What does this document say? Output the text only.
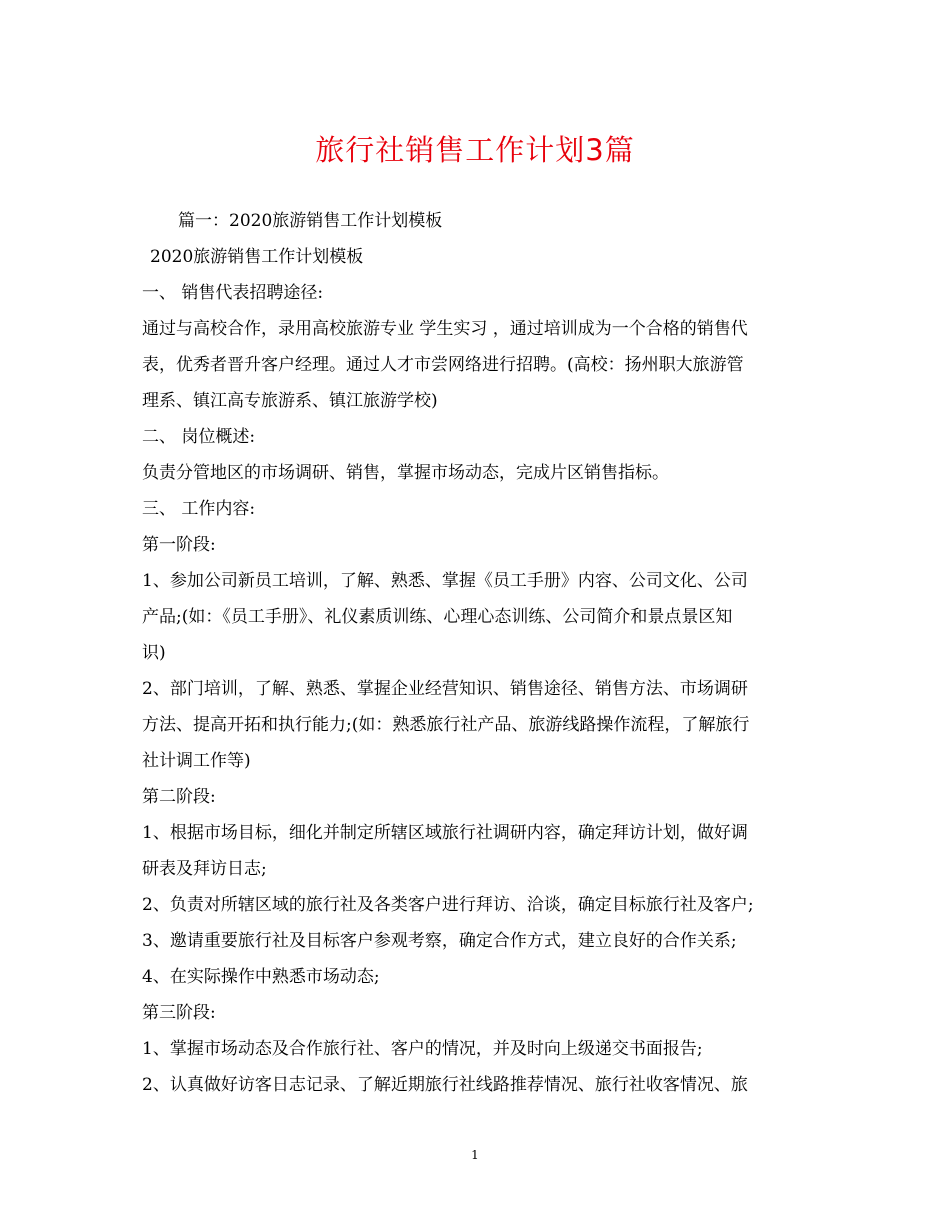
旅行社销售工作计划3篇
篇一：2020旅游销售工作计划模板
2020旅游销售工作计划模板
一、 销售代表招聘途径:
通过与高校合作，录用高校旅游专业 学生实习 ，通过培训成为一个合格的销售代
表，优秀者晋升客户经理。通过人才市尝网络进行招聘。(高校：扬州职大旅游管
理系、镇江高专旅游系、镇江旅游学校)
二、 岗位概述:
负责分管地区的市场调研、销售，掌握市场动态，完成片区销售指标。
三、 工作内容:
第一阶段:
1、参加公司新员工培训，了解、熟悉、掌握《员工手册》内容、公司文化、公司
产品;(如：《员工手册》、礼仪素质训练、心理心态训练、公司简介和景点景区知
识)
2、部门培训，了解、熟悉、掌握企业经营知识、销售途径、销售方法、市场调研
方法、提高开拓和执行能力;(如：熟悉旅行社产品、旅游线路操作流程，了解旅行
社计调工作等)
第二阶段:
1、根据市场目标，细化并制定所辖区域旅行社调研内容，确定拜访计划，做好调
研表及拜访日志;
2、负责对所辖区域的旅行社及各类客户进行拜访、洽谈，确定目标旅行社及客户;
3、邀请重要旅行社及目标客户参观考察，确定合作方式，建立良好的合作关系;
4、在实际操作中熟悉市场动态;
第三阶段:
1、掌握市场动态及合作旅行社、客户的情况，并及时向上级递交书面报告;
2、认真做好访客日志记录、了解近期旅行社线路推荐情况、旅行社收客情况、旅
1
